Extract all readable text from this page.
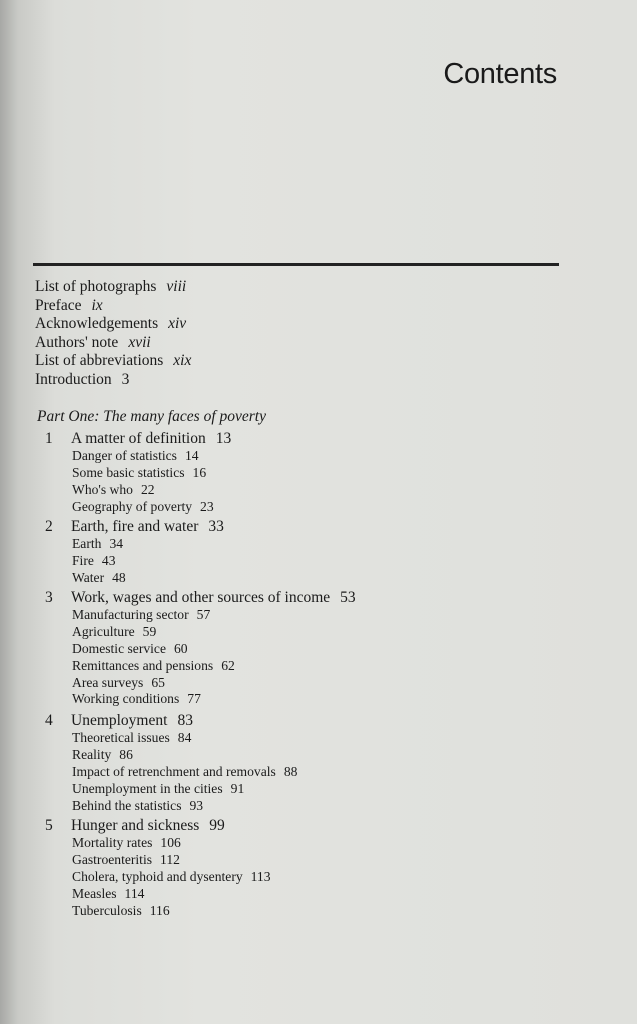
Contents
List of photographs viii
Preface ix
Acknowledgements xiv
Authors' note xvii
List of abbreviations xix
Introduction 3
Part One: The many faces of poverty
1 A matter of definition 13
Danger of statistics 14
Some basic statistics 16
Who's who 22
Geography of poverty 23
2 Earth, fire and water 33
Earth 34
Fire 43
Water 48
3 Work, wages and other sources of income 53
Manufacturing sector 57
Agriculture 59
Domestic service 60
Remittances and pensions 62
Area surveys 65
Working conditions 77
4 Unemployment 83
Theoretical issues 84
Reality 86
Impact of retrenchment and removals 88
Unemployment in the cities 91
Behind the statistics 93
5 Hunger and sickness 99
Mortality rates 106
Gastroenteritis 112
Cholera, typhoid and dysentery 113
Measles 114
Tuberculosis 116
